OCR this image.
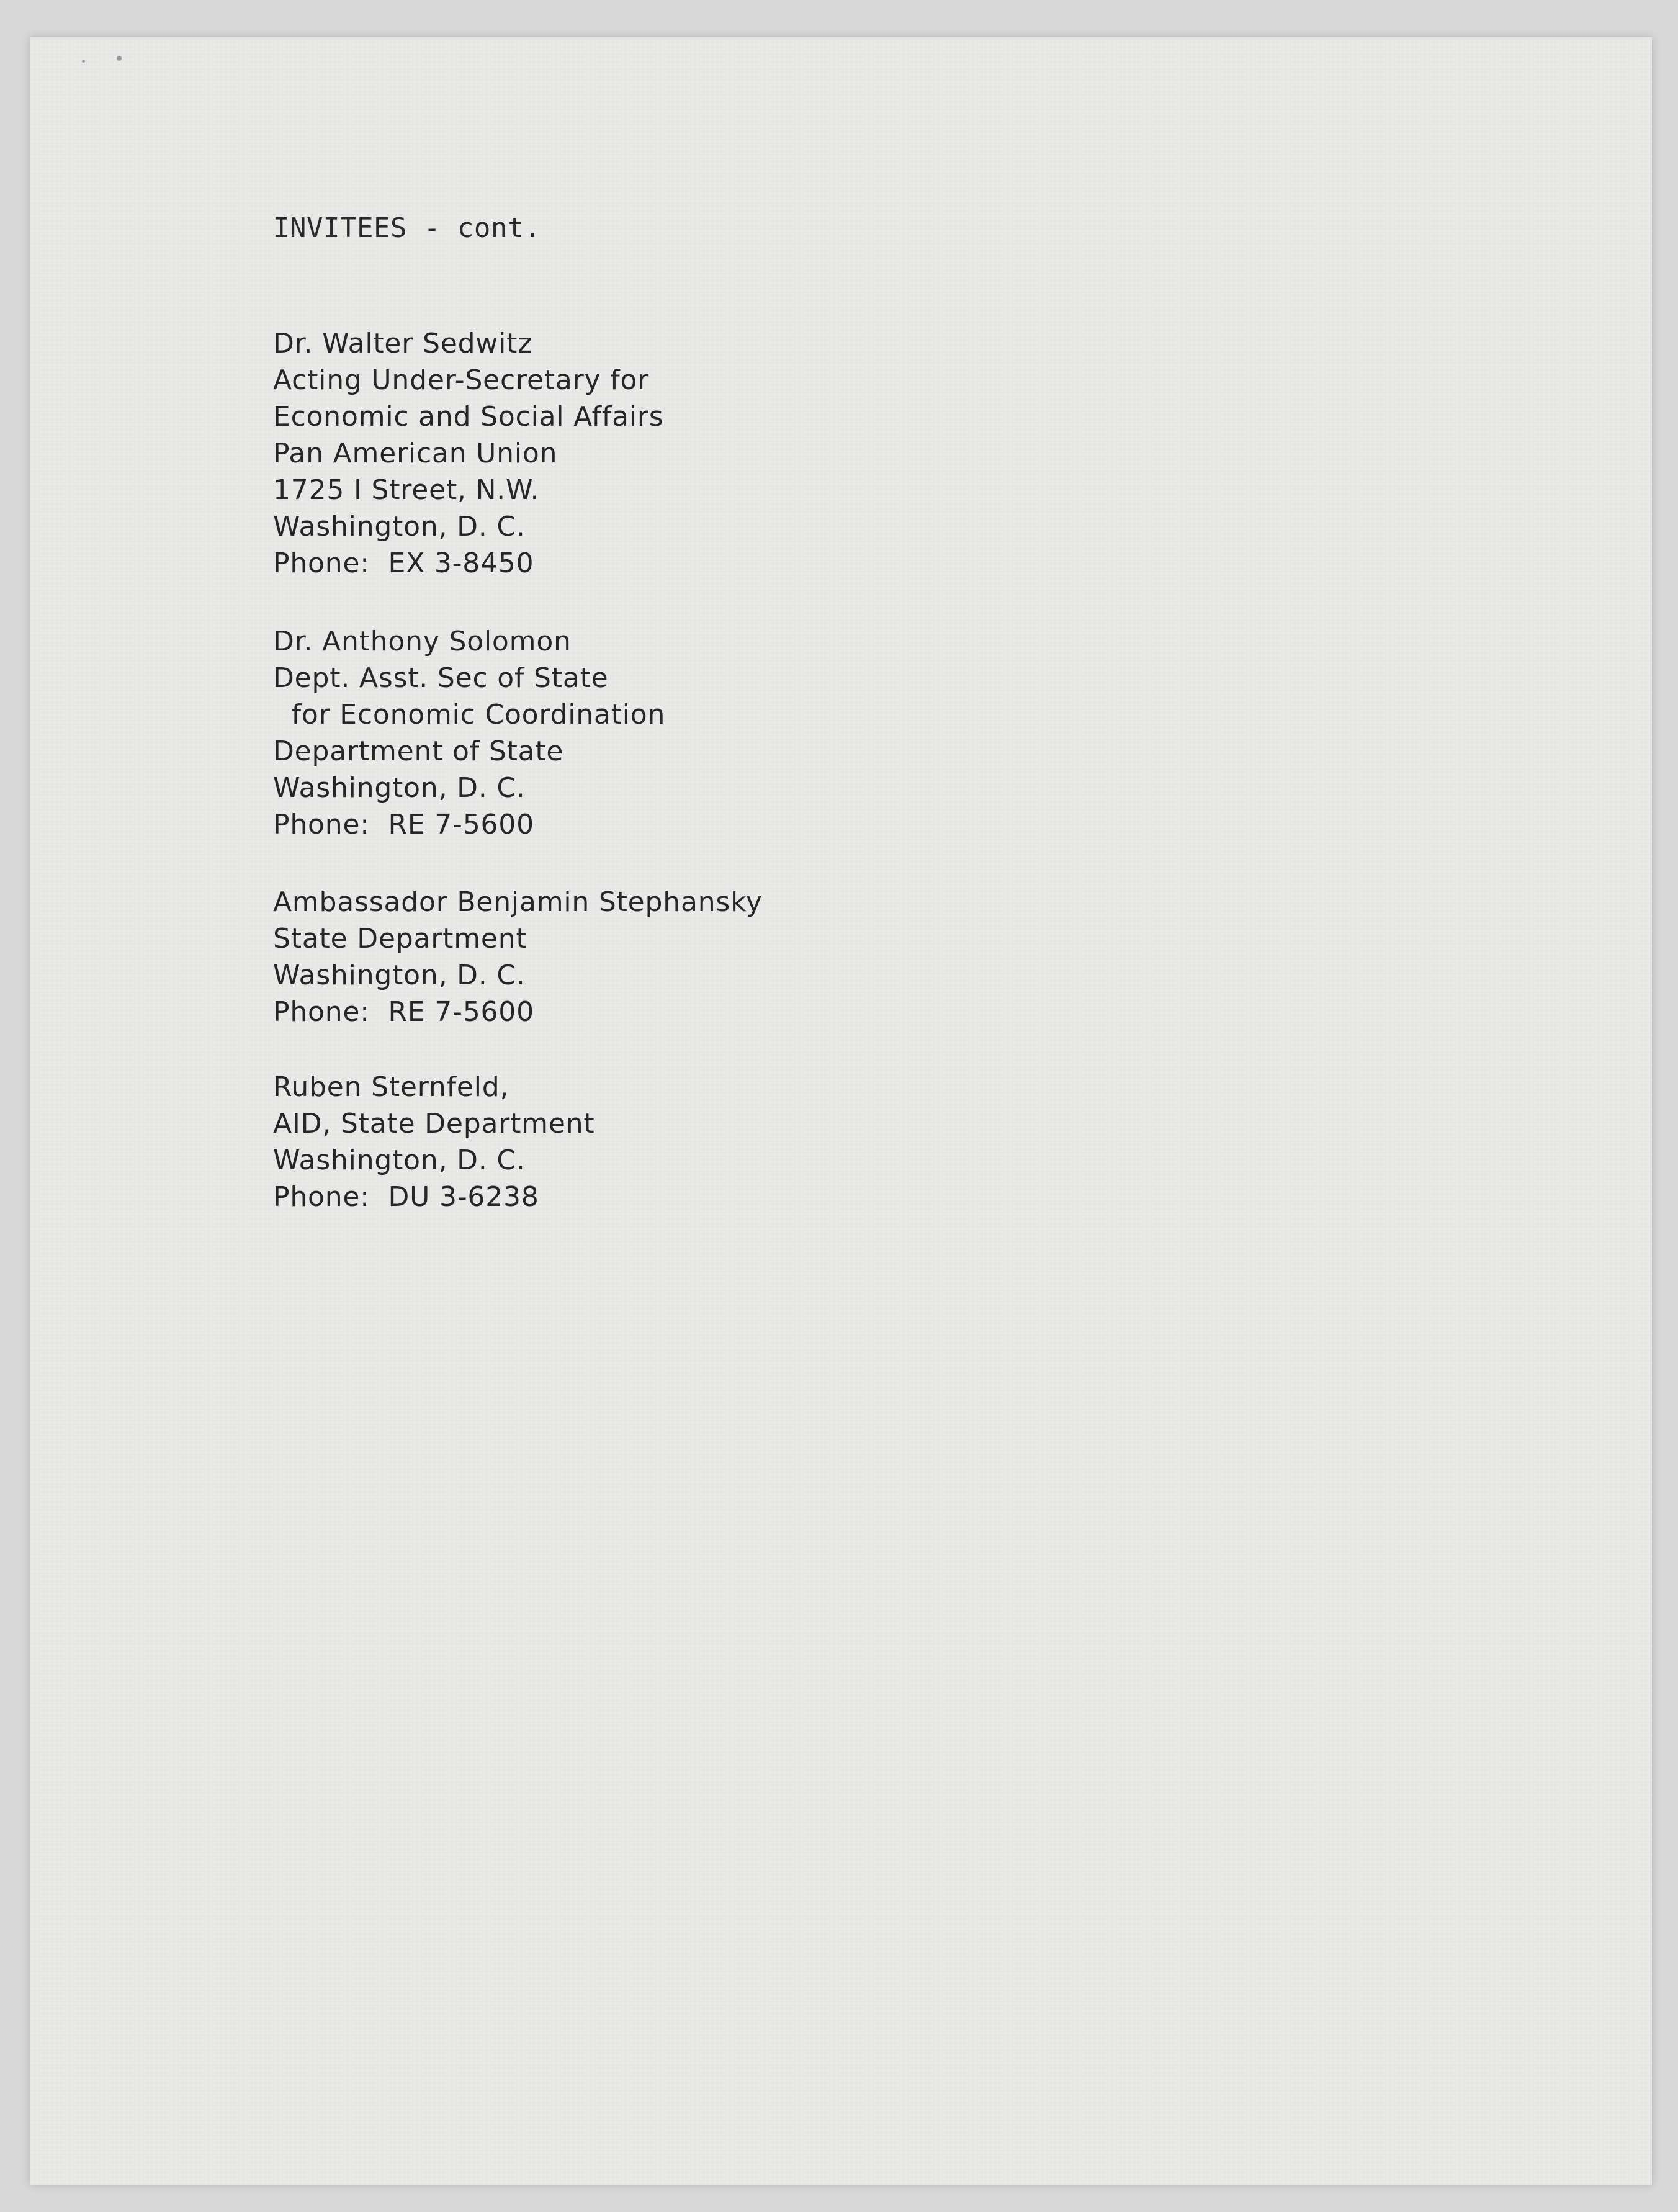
INVITEES - cont.
Dr. Walter Sedwitz
Acting Under-Secretary for
Economic and Social Affairs
Pan American Union
1725 I Street, N.W.
Washington, D. C.
Phone:  EX 3-8450
Dr. Anthony Solomon
Dept. Asst. Sec of State
for Economic Coordination
Department of State
Washington, D. C.
Phone:  RE 7-5600
Ambassador Benjamin Stephansky
State Department
Washington, D. C.
Phone:  RE 7-5600
Ruben Sternfeld,
AID, State Department
Washington, D. C.
Phone:  DU 3-6238
